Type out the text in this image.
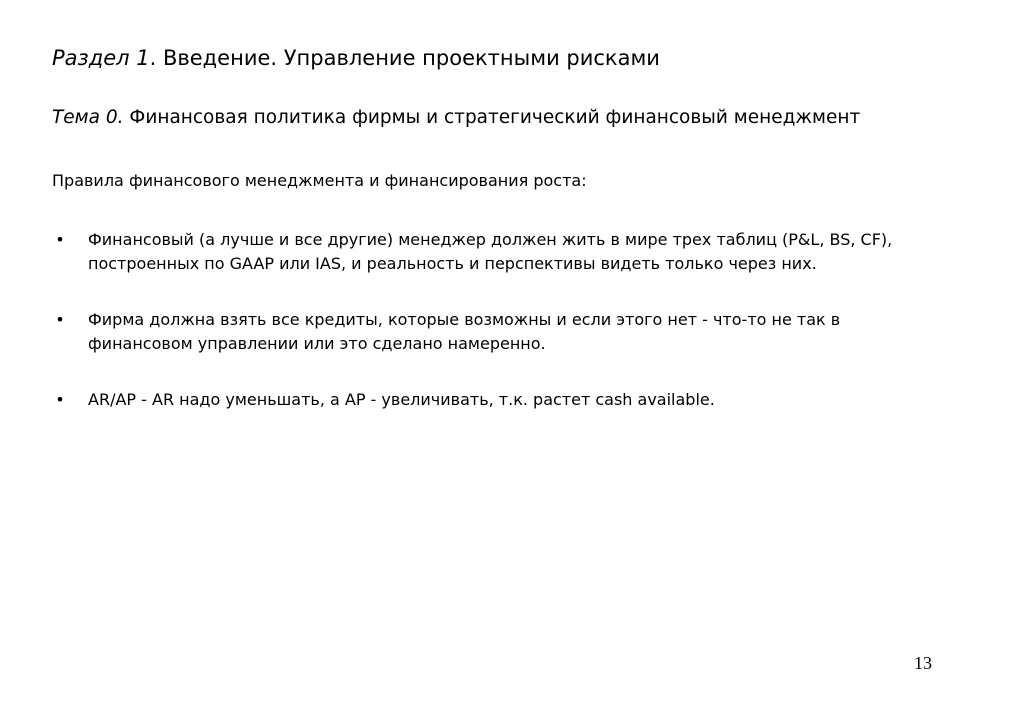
Раздел 1. Введение. Управление проектными рисками
Тема 0. Финансовая политика фирмы и стратегический финансовый менеджмент
Правила финансового менеджмента и финансирования роста:
• Финансовый (а лучше и все другие) менеджер должен жить в мире трех таблиц (P&L, BS, CF),
построенных по GAAP или IAS, и реальность и перспективы видеть только через них.
• Фирма должна взять все кредиты, которые возможны и если этого нет - что-то не так в
финансовом управлении или это сделано намеренно.
• AR/AP - AR надо уменьшать, а AP - увеличивать, т.к. растет cash available.
13
